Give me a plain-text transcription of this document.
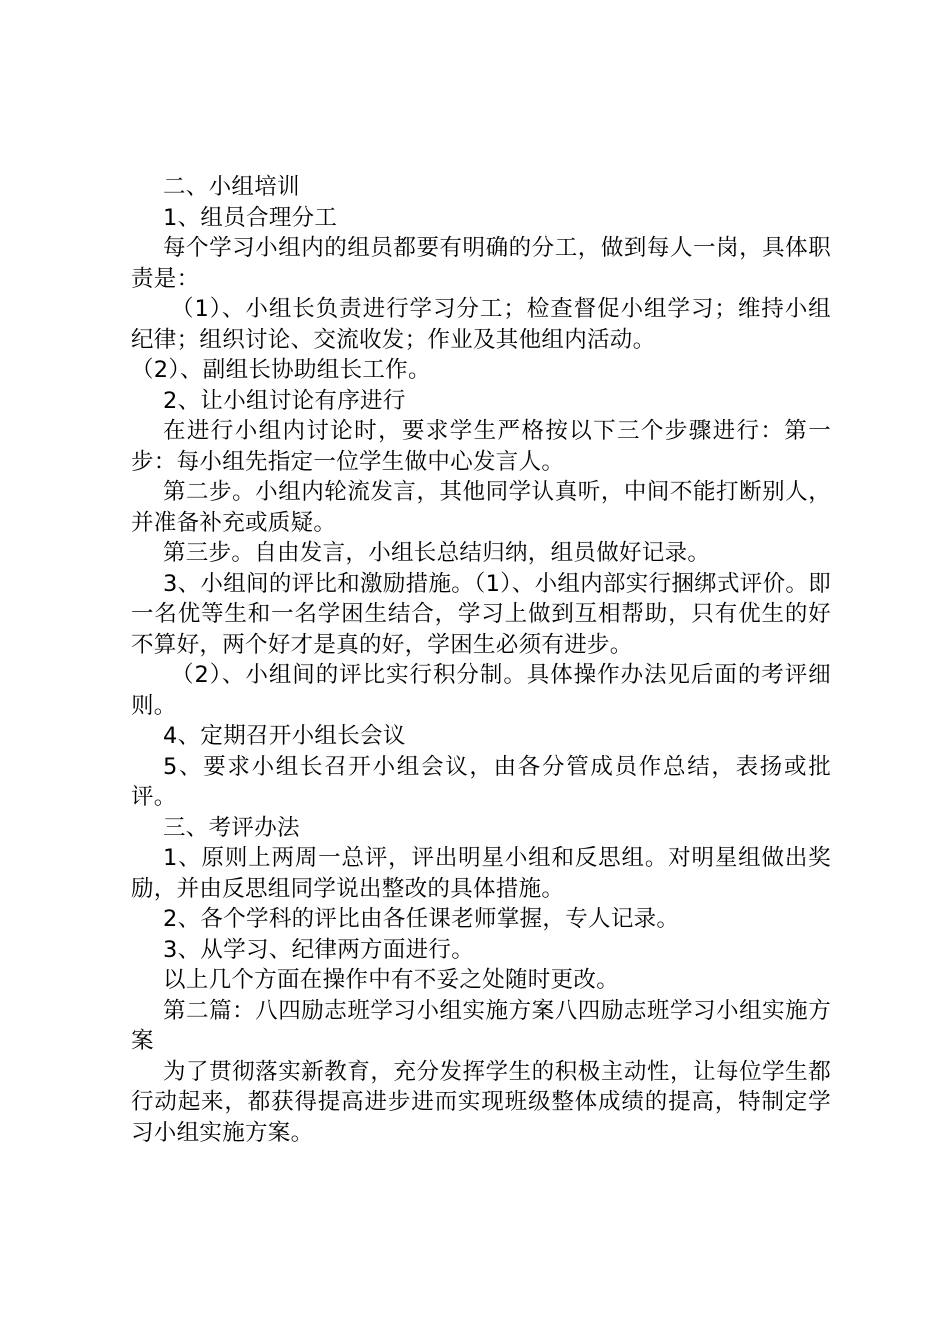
二、小组培训

1、组员合理分工

每个学习小组内的组员都要有明确的分工，做到每人一岗，具体职责是：

（1）、小组长负责进行学习分工；检查督促小组学习；维持小组纪律；组织讨论、交流收发；作业及其他组内活动。

（2）、副组长协助组长工作。

2、让小组讨论有序进行

在进行小组内讨论时，要求学生严格按以下三个步骤进行：第一步：每小组先指定一位学生做中心发言人。

第二步。小组内轮流发言，其他同学认真听，中间不能打断别人，并准备补充或质疑。

第三步。自由发言，小组长总结归纳，组员做好记录。

3、小组间的评比和激励措施。（1）、小组内部实行捆绑式评价。即一名优等生和一名学困生结合，学习上做到互相帮助，只有优生的好不算好，两个好才是真的好，学困生必须有进步。

（2）、小组间的评比实行积分制。具体操作办法见后面的考评细则。

4、定期召开小组长会议

5、要求小组长召开小组会议，由各分管成员作总结，表扬或批评。

三、考评办法

1、原则上两周一总评，评出明星小组和反思组。对明星组做出奖励，并由反思组同学说出整改的具体措施。

2、各个学科的评比由各任课老师掌握，专人记录。

3、从学习、纪律两方面进行。

以上几个方面在操作中有不妥之处随时更改。

第二篇：八四励志班学习小组实施方案八四励志班学习小组实施方案

为了贯彻落实新教育，充分发挥学生的积极主动性，让每位学生都行动起来，都获得提高进步进而实现班级整体成绩的提高，特制定学习小组实施方案。
